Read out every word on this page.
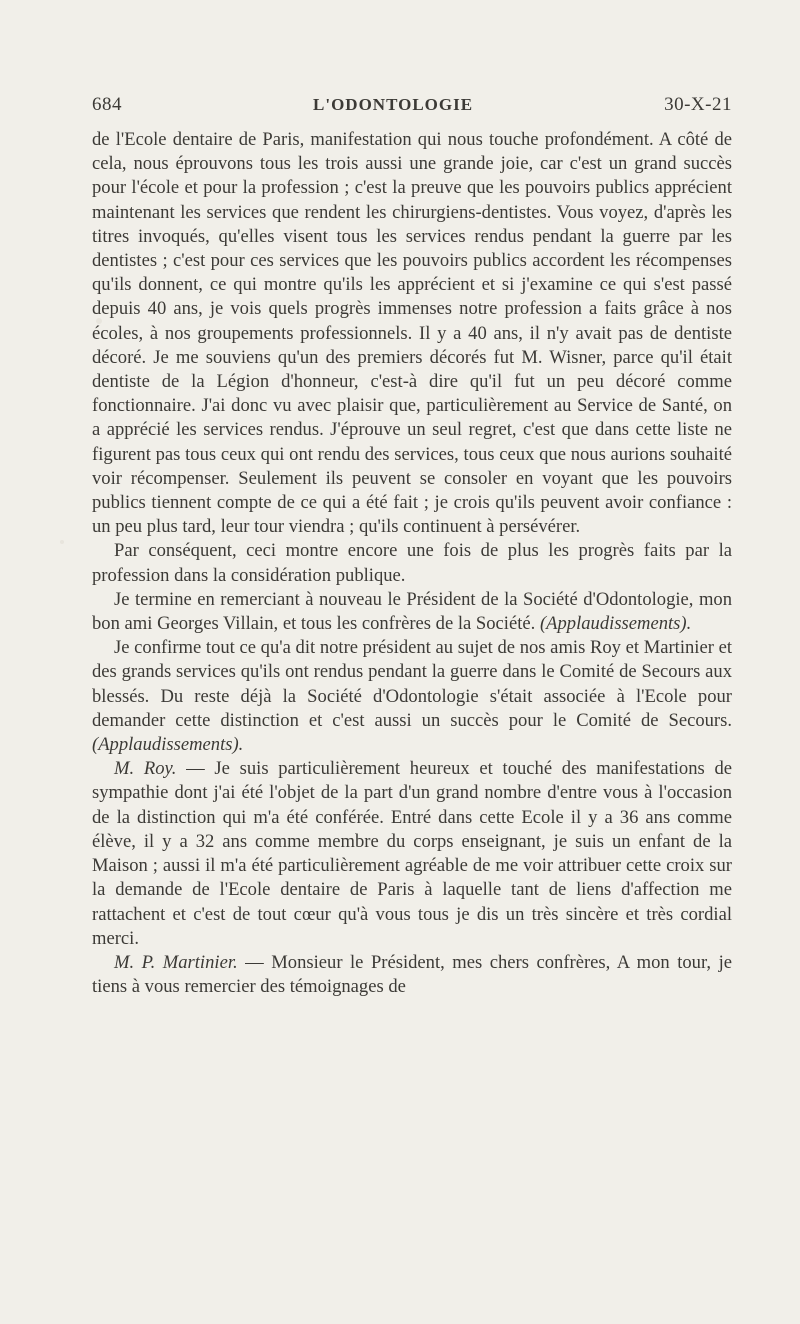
684	L'ODONTOLOGIE	30-X-21

de l'Ecole dentaire de Paris, manifestation qui nous touche profondément. A côté de cela, nous éprouvons tous les trois aussi une grande joie, car c'est un grand succès pour l'école et pour la profession ; c'est la preuve que les pouvoirs publics apprécient maintenant les services que rendent les chirurgiens-dentistes. Vous voyez, d'après les titres invoqués, qu'elles visent tous les services rendus pendant la guerre par les dentistes ; c'est pour ces services que les pouvoirs publics accordent les récompenses qu'ils donnent, ce qui montre qu'ils les apprécient et si j'examine ce qui s'est passé depuis 40 ans, je vois quels progrès immenses notre profession a faits grâce à nos écoles, à nos groupements professionnels. Il y a 40 ans, il n'y avait pas de dentiste décoré. Je me souviens qu'un des premiers décorés fut M. Wisner, parce qu'il était dentiste de la Légion d'honneur, c'est-à dire qu'il fut un peu décoré comme fonctionnaire. J'ai donc vu avec plaisir que, particulièrement au Service de Santé, on a apprécié les services rendus. J'éprouve un seul regret, c'est que dans cette liste ne figurent pas tous ceux qui ont rendu des services, tous ceux que nous aurions souhaité voir récompenser. Seulement ils peuvent se consoler en voyant que les pouvoirs publics tiennent compte de ce qui a été fait ; je crois qu'ils peuvent avoir confiance : un peu plus tard, leur tour viendra ; qu'ils continuent à persévérer.

Par conséquent, ceci montre encore une fois de plus les progrès faits par la profession dans la considération publique.

Je termine en remerciant à nouveau le Président de la Société d'Odontologie, mon bon ami Georges Villain, et tous les confrères de la Société. (Applaudissements).

Je confirme tout ce qu'a dit notre président au sujet de nos amis Roy et Martinier et des grands services qu'ils ont rendus pendant la guerre dans le Comité de Secours aux blessés. Du reste déjà la Société d'Odontologie s'était associée à l'Ecole pour demander cette distinction et c'est aussi un succès pour le Comité de Secours. (Applaudissements).

M. Roy. — Je suis particulièrement heureux et touché des manifestations de sympathie dont j'ai été l'objet de la part d'un grand nombre d'entre vous à l'occasion de la distinction qui m'a été conférée. Entré dans cette Ecole il y a 36 ans comme élève, il y a 32 ans comme membre du corps enseignant, je suis un enfant de la Maison ; aussi il m'a été particulièrement agréable de me voir attribuer cette croix sur la demande de l'Ecole dentaire de Paris à laquelle tant de liens d'affection me rattachent et c'est de tout cœur qu'à vous tous je dis un très sincère et très cordial merci.

M. P. Martinier. — Monsieur le Président, mes chers confrères, A mon tour, je tiens à vous remercier des témoignages de
